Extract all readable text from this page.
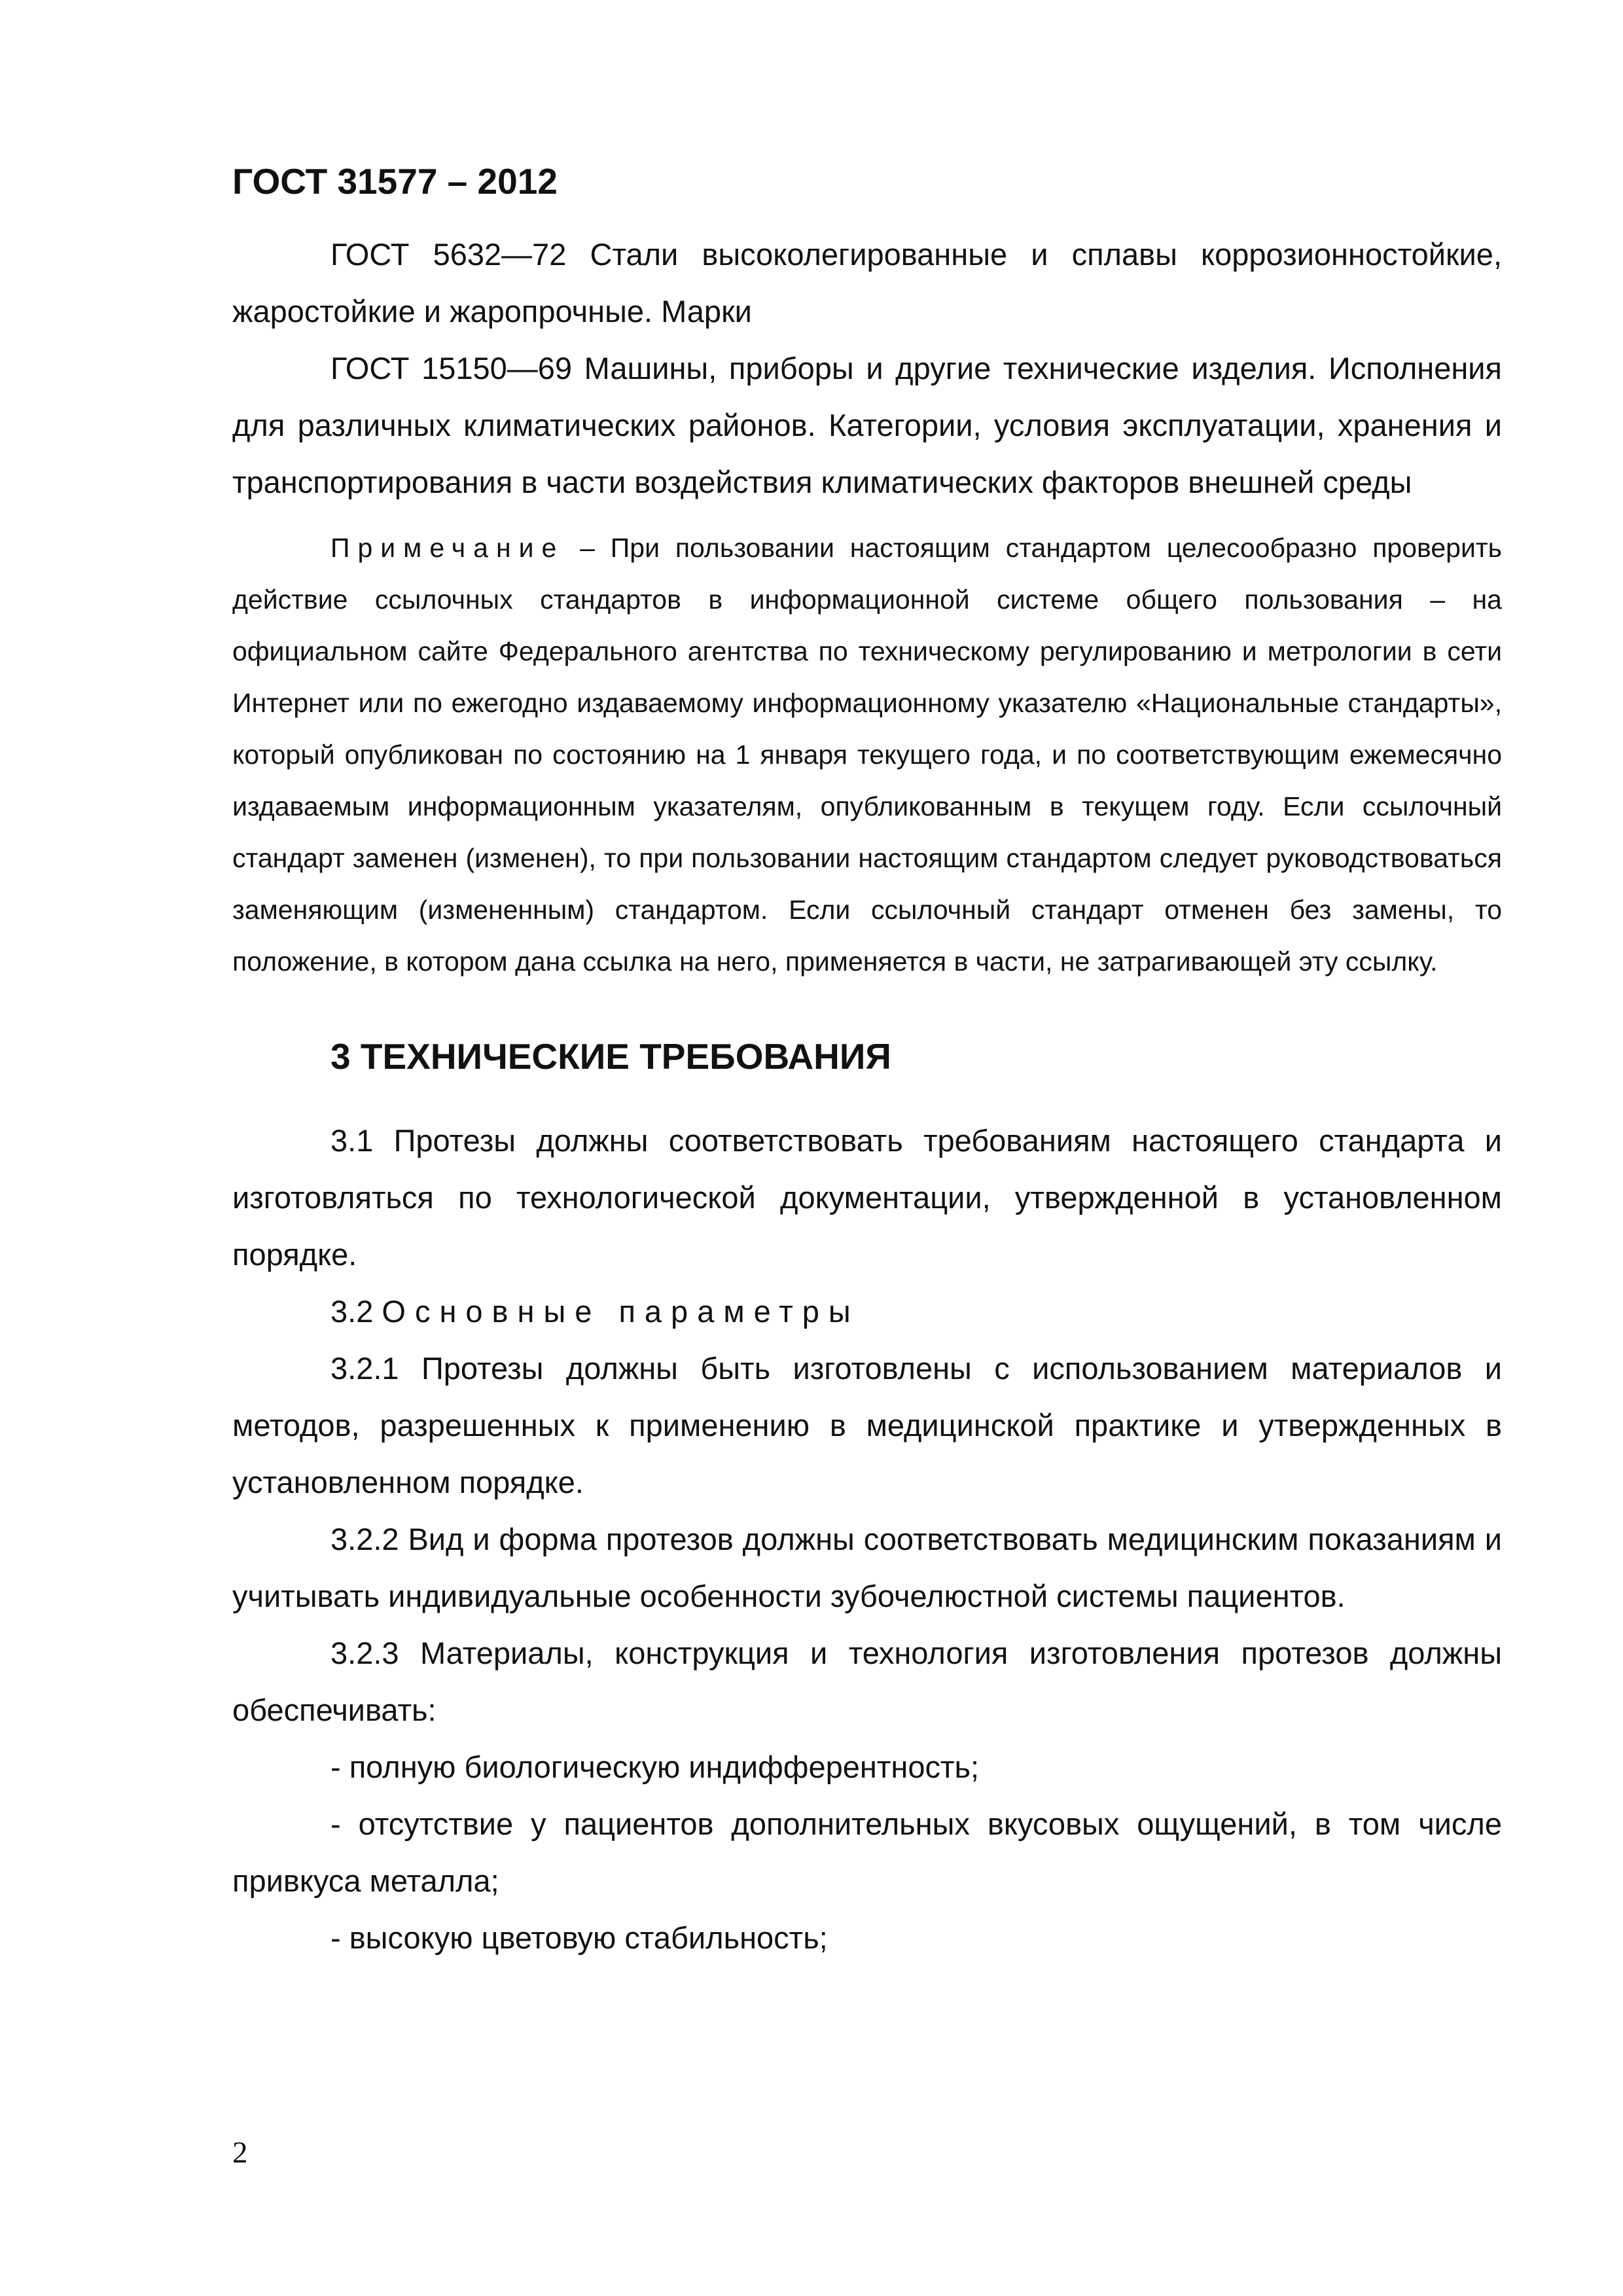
ГОСТ 31577 – 2012

ГОСТ 5632—72 Стали высоколегированные и сплавы коррозионностойкие, жаростойкие и жаропрочные. Марки

ГОСТ 15150—69 Машины, приборы и другие технические изделия. Исполнения для различных климатических районов. Категории, условия эксплуатации, хранения и транспортирования в части воздействия климатических факторов внешней среды

Примечание – При пользовании настоящим стандартом целесообразно проверить действие ссылочных стандартов в информационной системе общего пользования – на официальном сайте Федерального агентства по техническому регулированию и метрологии в сети Интернет или по ежегодно издаваемому информационному указателю «Национальные стандарты», который опубликован по состоянию на 1 января текущего года, и по соответствующим ежемесячно издаваемым информационным указателям, опубликованным в текущем году. Если ссылочный стандарт заменен (изменен), то при пользовании настоящим стандартом следует руководствоваться заменяющим (измененным) стандартом. Если ссылочный стандарт отменен без замены, то положение, в котором дана ссылка на него, применяется в части, не затрагивающей эту ссылку.

3 ТЕХНИЧЕСКИЕ ТРЕБОВАНИЯ

3.1 Протезы должны соответствовать требованиям настоящего стандарта и изготовляться по технологической документации, утвержденной в установленном порядке.

3.2 Основные параметры

3.2.1 Протезы должны быть изготовлены с использованием материалов и методов, разрешенных к применению в медицинской практике и утвержденных в установленном порядке.

3.2.2 Вид и форма протезов должны соответствовать медицинским показаниям и учитывать индивидуальные особенности зубочелюстной системы пациентов.

3.2.3 Материалы, конструкция и технология изготовления протезов должны обеспечивать:

- полную биологическую индифферентность;

- отсутствие у пациентов дополнительных вкусовых ощущений, в том числе привкуса металла;

- высокую цветовую стабильность;

2
